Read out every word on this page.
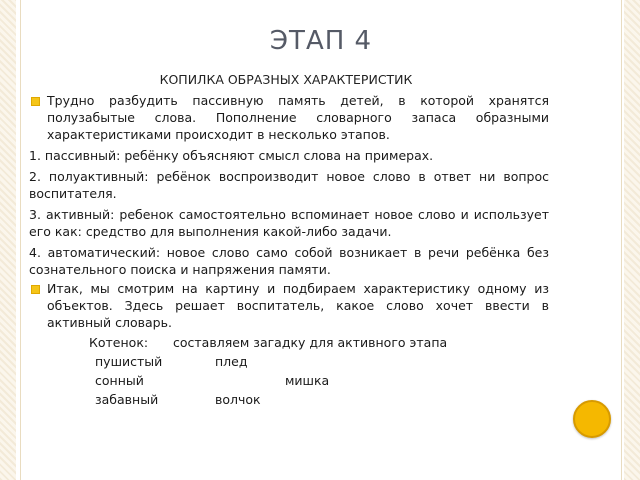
ЭТАП 4
КОПИЛКА ОБРАЗНЫХ ХАРАКТЕРИСТИК
Трудно разбудить пассивную память детей, в которой хранятся полузабытые слова. Пополнение словарного запаса образными характеристиками происходит в несколько этапов.
1. пассивный: ребёнку объясняют смысл слова на примерах.
2. полуактивный: ребёнок воспроизводит новое слово в ответ ни вопрос воспитателя.
3. активный: ребенок самостоятельно вспоминает новое слово и использует его как: средство для выполнения какой-либо задачи.
4. автоматический: новое слово само собой возникает в речи ребёнка без сознательного поиска и напряжения памяти.
Итак, мы смотрим на картину и подбираем характеристику одному из объектов. Здесь решает воспитатель, какое слово хочет ввести в активный словарь.
Котенок: составляем загадку для активного этапа
пушистый	плед
сонный	мишка
забавный	волчок
